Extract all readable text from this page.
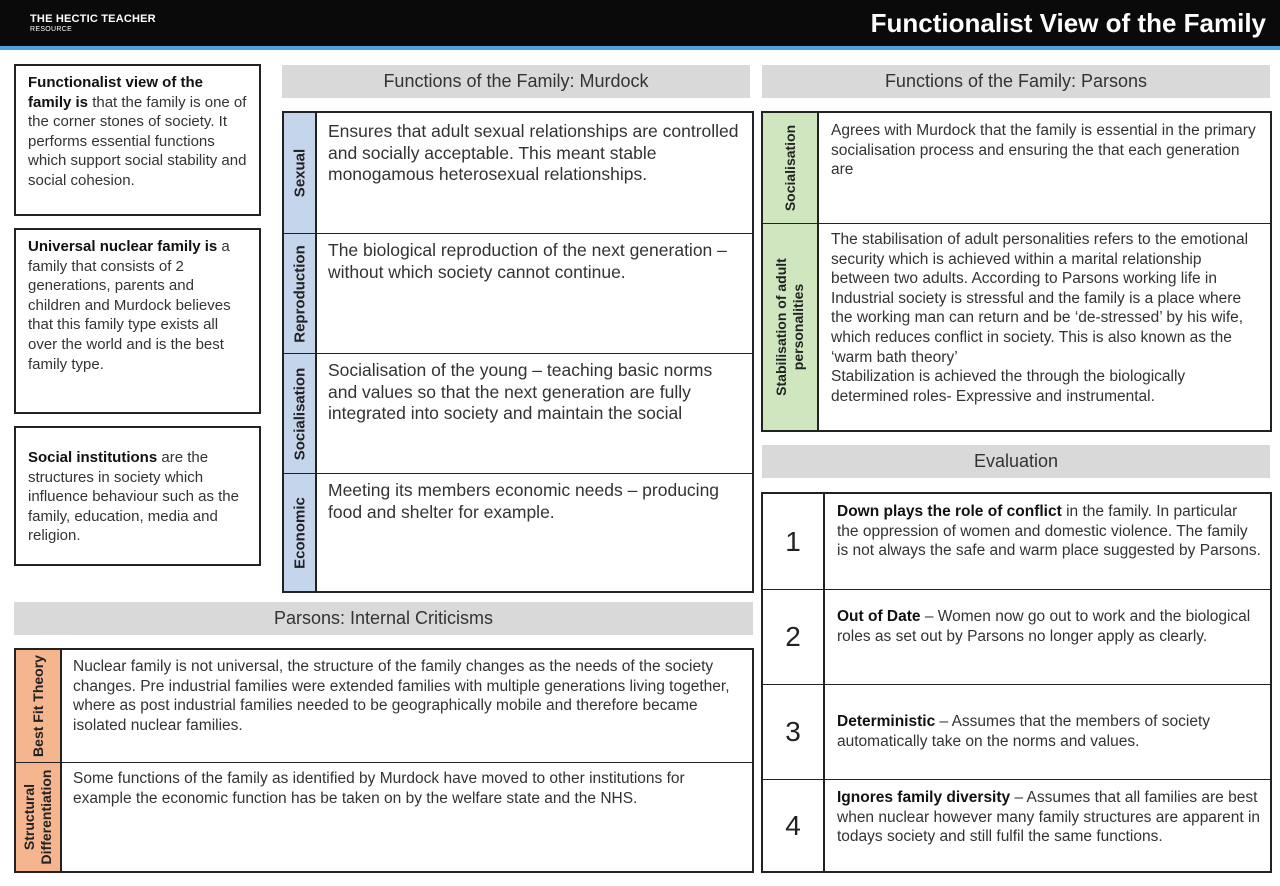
THE HECTIC TEACHER
RESOURCE	Functionalist View of the Family
Functionalist view of the family is that the family is one of the corner stones of society. It performs essential functions which support social stability and social cohesion.
Universal nuclear family is a family that consists of 2 generations, parents and children and Murdock believes that this family type exists all over the world and is the best family type.
Social institutions are the structures in society which influence behaviour such as the family, education, media and religion.
Functions of the Family: Murdock
Sexual
Ensures that adult sexual relationships are controlled and socially acceptable. This meant stable monogamous heterosexual relationships.
Reproduction The biological reproduction of the next generation – without which society cannot continue.
Socialisation Socialisation of the young – teaching basic norms and values so that the next generation are fully integrated into society and maintain the social
Economic
Meeting its members economic needs – producing food and shelter for example.
Functions of the Family: Parsons
Socialisation Agrees with Murdock that the family is essential in the primary socialisation process and ensuring the that each generation are
Stabilisation of adult
personalities
The stabilisation of adult personalities refers to the emotional security which is achieved within a marital relationship between two adults. According to Parsons working life in Industrial society is stressful and the family is a place where the working man can return and be ‘de-stressed’ by his wife, which reduces conflict in society. This is also known as the ‘warm bath theory’
Stabilization is achieved the through the biologically determined roles- Expressive and instrumental.
Parsons: Internal Criticisms
Best Fit Theory Nuclear family is not universal, the structure of the family changes as the needs of the society changes. Pre industrial families were extended families with multiple generations living together, where as post industrial families needed to be geographically mobile and therefore became isolated nuclear families.
Structural
Differentiation Some functions of the family as identified by Murdock have moved to other institutions for example the economic function has be taken on by the welfare state and the NHS.
Evaluation
1
Down plays the role of conflict in the family. In particular the oppression of women and domestic violence. The family is not always the safe and warm place suggested by Parsons.
2
Out of Date – Women now go out to work and the biological roles as set out by Parsons no longer apply as clearly.
3	Deterministic – Assumes that the members of society automatically take on the norms and values.
4
Ignores family diversity – Assumes that all families are best when nuclear however many family structures are apparent in todays society and still fulfil the same functions.
